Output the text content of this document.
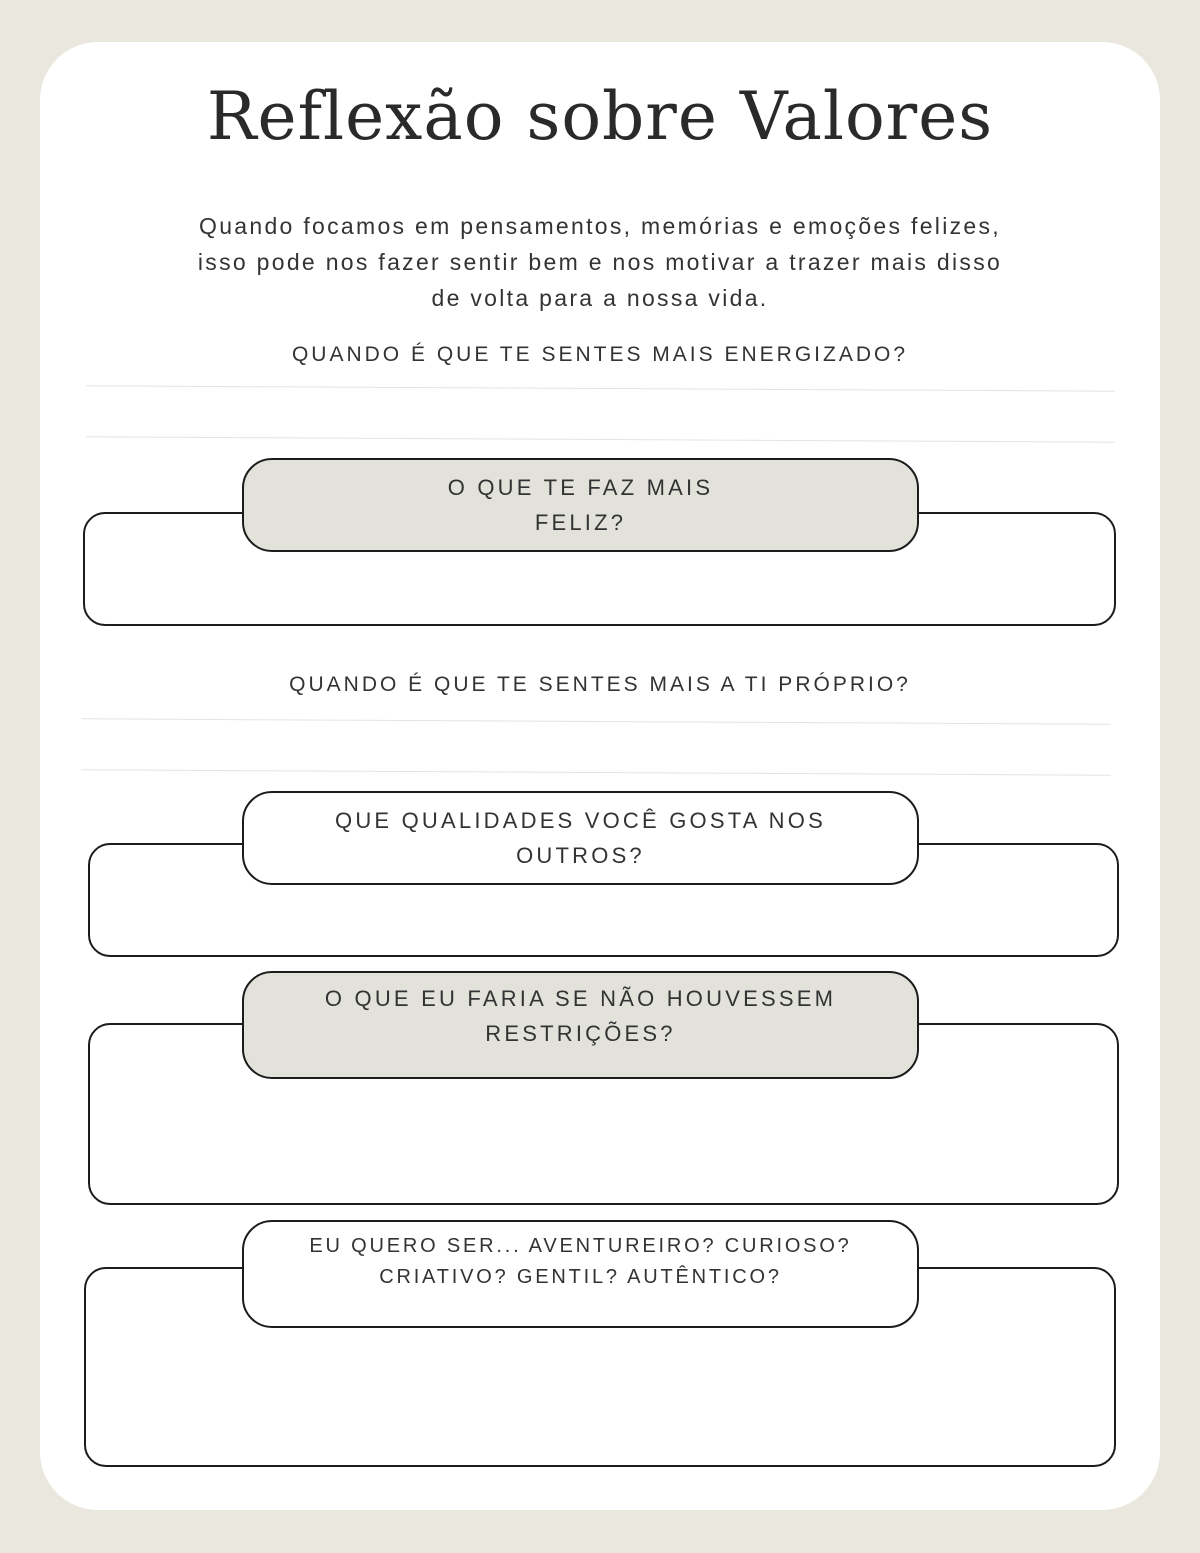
Reflexão sobre Valores

Quando focamos em pensamentos, memórias e emoções felizes,
isso pode nos fazer sentir bem e nos motivar a trazer mais disso
de volta para a nossa vida.

QUANDO É QUE TE SENTES MAIS ENERGIZADO?
O QUE TE FAZ MAIS
FELIZ?
QUANDO É QUE TE SENTES MAIS A TI PRÓPRIO?
QUE QUALIDADES VOCÊ GOSTA NOS
OUTROS?
O QUE EU FARIA SE NÃO HOUVESSEM
RESTRIÇÕES?
EU QUERO SER... AVENTUREIRO? CURIOSO?
CRIATIVO? GENTIL? AUTÊNTICO?
